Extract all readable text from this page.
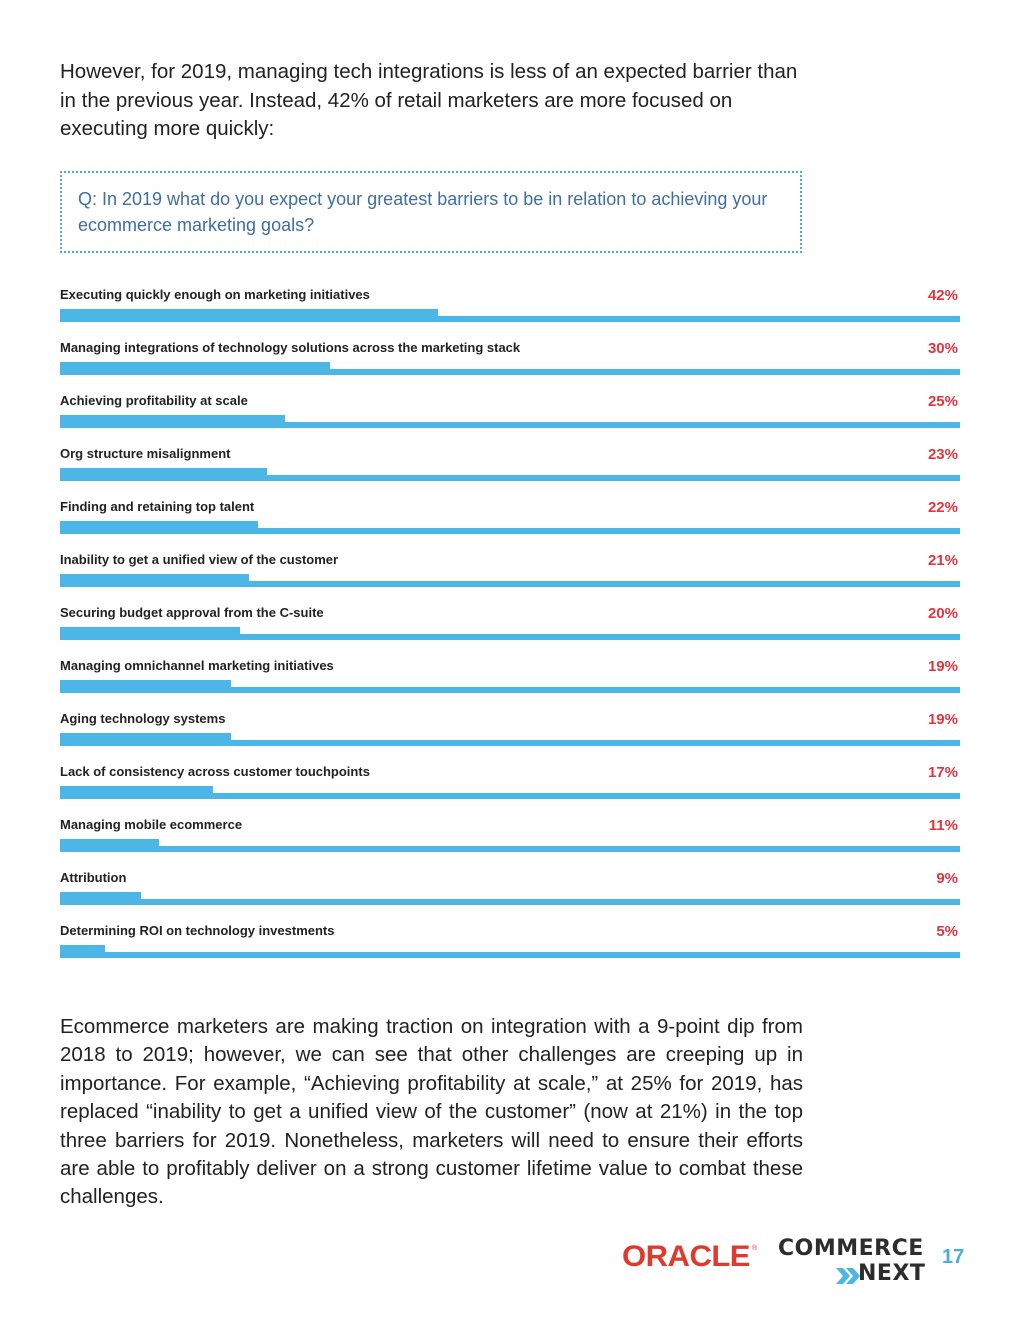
However, for 2019, managing tech integrations is less of an expected barrier than in the previous year. Instead, 42% of retail marketers are more focused on executing more quickly:

Q: In 2019 what do you expect your greatest barriers to be in relation to achieving your ecommerce marketing goals?
Executing quickly enough on marketing initiatives	42%
Managing integrations of technology solutions across the marketing stack	30%
Achieving profitability at scale	25%
Org structure misalignment	23%
Finding and retaining top talent	22%
Inability to get a unified view of the customer	21%
Securing budget approval from the C-suite	20%
Managing omnichannel marketing initiatives	19%
Aging technology systems	19%
Lack of consistency across customer touchpoints	17%
Managing mobile ecommerce	11%
Attribution	9%
Determining ROI on technology investments	5%

Ecommerce marketers are making traction on integration with a 9-point dip from 2018 to 2019; however, we can see that other challenges are creeping up in importance. For example, “Achieving profitability at scale,” at 25% for 2019, has replaced “inability to get a unified view of the customer” (now at 21%) in the top three barriers for 2019. Nonetheless, marketers will need to ensure their efforts are able to profitably deliver on a strong customer lifetime value to combat these challenges.

ORACLE ® COMMERCE
NEXT
17
